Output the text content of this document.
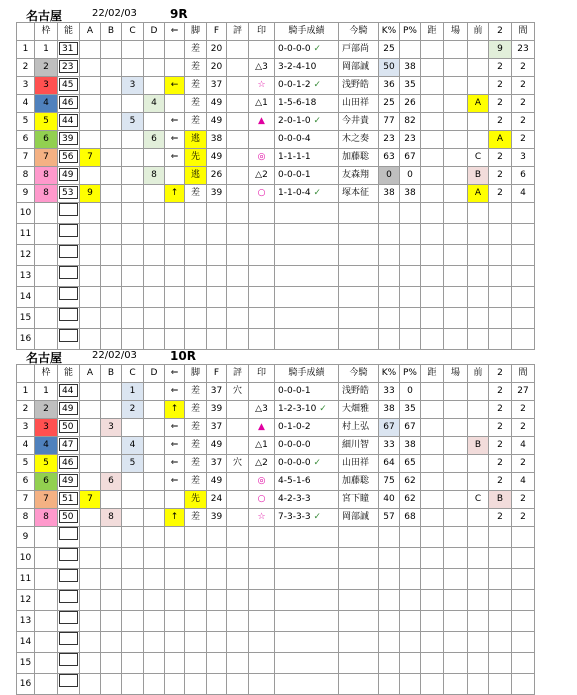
名古屋	22/02/03	9R
	枠	能	A	B	C	D	⇐	脚	F	評	印	騎手成績	今騎	K%	P%	距	場	前	2	間
1	1	31						差	20			0-0-0-0 ✓	戸部尚	25					9	23
2	2	23						差	20		△3	3-2-4-10	岡部誠	50	38				2	2
3	3	45			3		←	差	37		☆	0-0-1-2 ✓	浅野皓	36	35				2	2
4	4	46				4		差	49		△1	1-5-6-18	山田祥	25	26			A	2	2
5	5	44			5		⇐	差	49		▲	2-0-1-0 ✓	今井貴	77	82				2	2
6	6	39				6	⇐	逃	38			0-0-0-4	木之奏	23	23				A	2
7	7	56	7				⇐	先	49		◎	1-1-1-1	加藤聡	63	67			C	2	3
8	8	49				8		逃	26		△2	0-0-0-1	友森翔	0	0			B	2	6
9	8	53	9				↑	差	39		○	1-1-0-4 ✓	塚本征	38	38			A	2	4
10																				
11																				
12																				
13																				
14																				
15																				
16																				
名古屋	22/02/03	10R
	枠	能	A	B	C	D	⇐	脚	F	評	印	騎手成績	今騎	K%	P%	距	場	前	2	間
1	1	44			1		⇐	差	37	穴		0-0-0-1	浅野皓	33	0				2	27
2	2	49			2		↑	差	39		△3	1-2-3-10 ✓	大畑雅	38	35				2	2
3	3	50		3			⇐	差	37		▲	0-1-0-2	村上弘	67	67				2	2
4	4	47			4		⇐	差	49		△1	0-0-0-0	細川智	33	38			B	2	4
5	5	46			5		⇐	差	37	穴	△2	0-0-0-0 ✓	山田祥	64	65				2	2
6	6	49		6			⇐	差	49		◎	4-5-1-6	加藤聡	75	62				2	4
7	7	51	7					先	24		○	4-2-3-3	宮下瞳	40	62			C	B	2
8	8	50		8			↑	差	39		☆	7-3-3-3 ✓	岡部誠	57	68				2	2
9																				
10																				
11																				
12																				
13																				
14																				
15																				
16																				
